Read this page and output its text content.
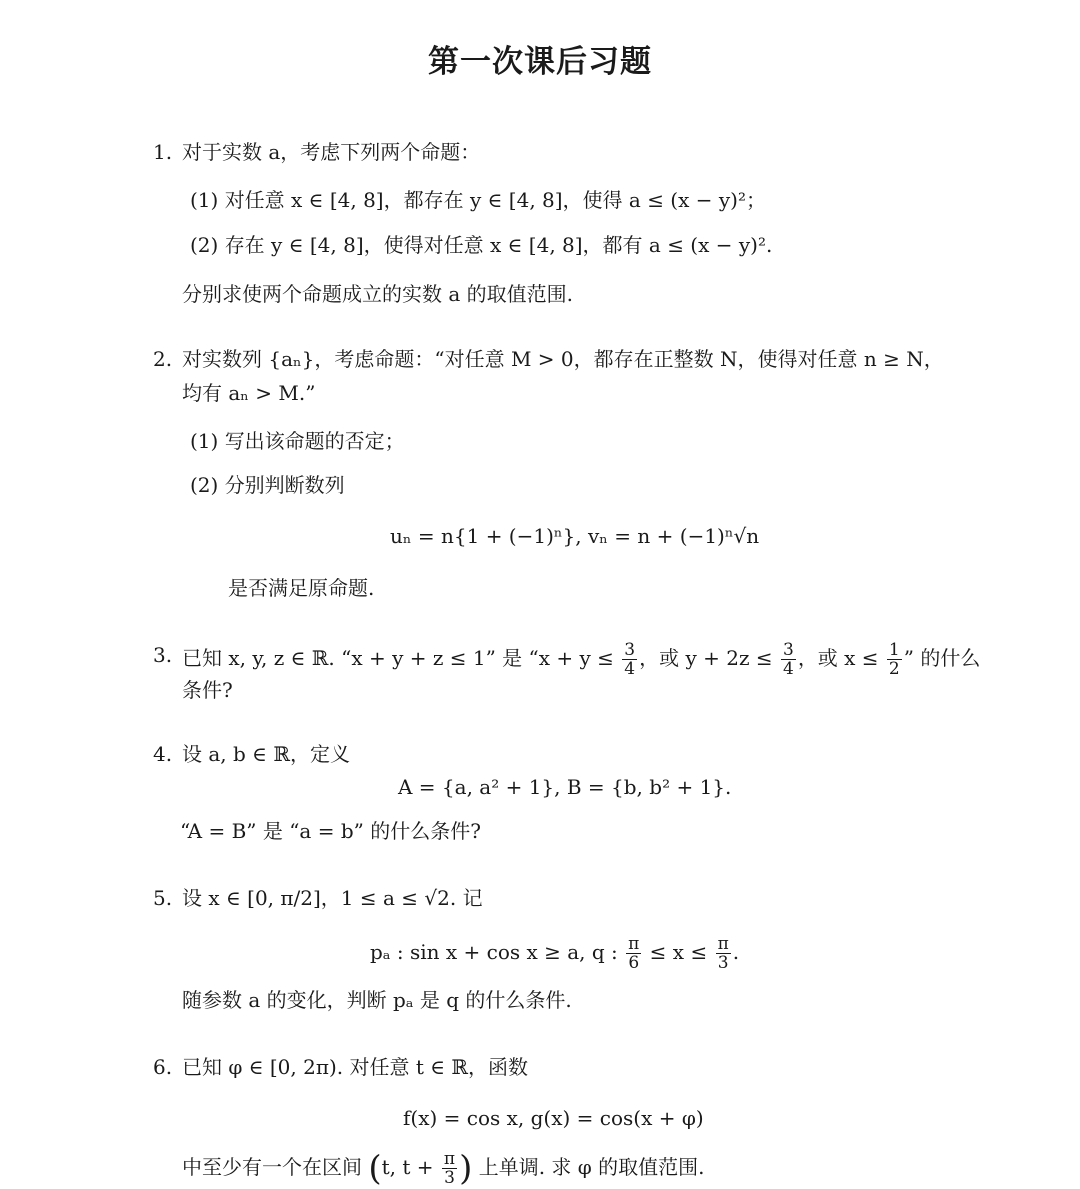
第一次课后习题
1. 对于实数 a，考虑下列两个命题：
(1) 对任意 x ∈ [4, 8]，都存在 y ∈ [4, 8]，使得 a ≤ (x − y)²；
(2) 存在 y ∈ [4, 8]，使得对任意 x ∈ [4, 8]，都有 a ≤ (x − y)².
分别求使两个命题成立的实数 a 的取值范围.
2. 对实数列 {aₙ}，考虑命题：“对任意 M > 0，都存在正整数 N，使得对任意 n ≥ N，
均有 aₙ > M.”
(1) 写出该命题的否定；
(2) 分别判断数列
uₙ = n{1 + (−1)ⁿ}, vₙ = n + (−1)ⁿ√n
是否满足原命题.
3. 已知 x, y, z ∈ ℝ. “x + y + z ≤ 1” 是 “$x + y \le \frac{3}{4}$ ，或 $y + 2z \le \frac{3}{4}$ ，或 $x \le \frac{1}{2}$ ” 的什么
条件?
4. 设 a, b ∈ ℝ，定义
A = {a, a² + 1}, B = {b, b² + 1}.
“A = B” 是 “a = b” 的什么条件?
5. 设 x ∈ [0, π/2]，1 ≤ a ≤ √2. 记
pₐ : sin x + cos x ≥ a, q : $\frac{\pi}{6} \le x \le \frac{\pi}{3}$ .
随参数 a 的变化，判断 pₐ 是 q 的什么条件.
6. 已知 φ ∈ [0, 2π). 对任意 t ∈ ℝ，函数
f(x) = cos x, g(x) = cos(x + φ)
中至少有一个在区间 (t, $t + \frac{\pi}{3}$ ) 上单调. 求 φ 的取值范围.
